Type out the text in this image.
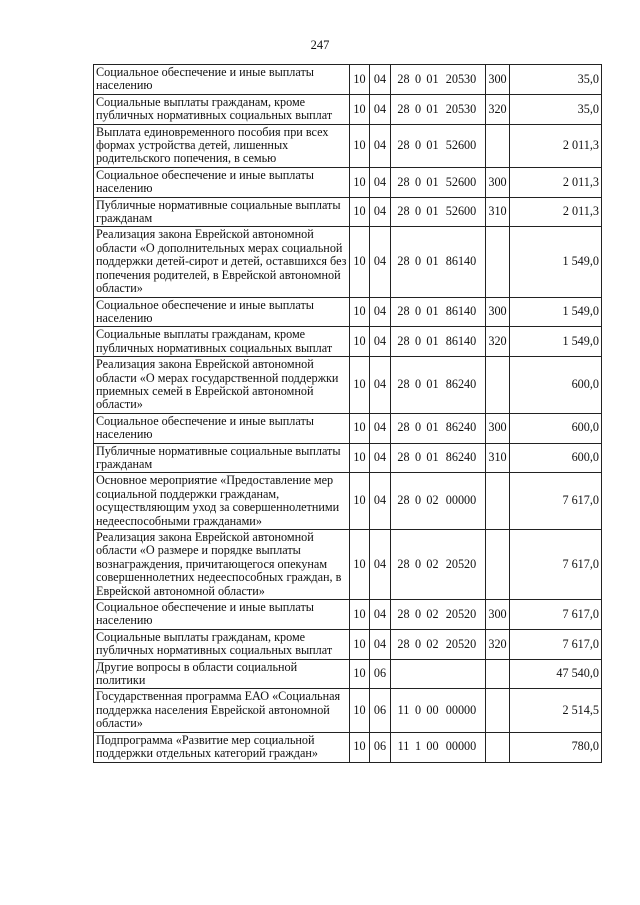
247
Социальное обеспечение и иные выплаты населению	10	04	28 0 01 20530	300	35,0
Социальные выплаты гражданам, кроме публичных нормативных социальных выплат	10	04	28 0 01 20530	320	35,0
Выплата единовременного пособия при всех формах устройства детей, лишенных родительского попечения, в семью	10	04	28 0 01 52600		2 011,3
Социальное обеспечение и иные выплаты населению	10	04	28 0 01 52600	300	2 011,3
Публичные нормативные социальные выплаты гражданам	10	04	28 0 01 52600	310	2 011,3
Реализация закона Еврейской автономной области «О дополнительных мерах социальной поддержки детей-сирот и детей, оставшихся без попечения родителей, в Еврейской автономной области»	10	04	28 0 01 86140		1 549,0
Социальное обеспечение и иные выплаты населению	10	04	28 0 01 86140	300	1 549,0
Социальные выплаты гражданам, кроме публичных нормативных социальных выплат	10	04	28 0 01 86140	320	1 549,0
Реализация закона Еврейской автономной области «О мерах государственной поддержки приемных семей в Еврейской автономной области»	10	04	28 0 01 86240		600,0
Социальное обеспечение и иные выплаты населению	10	04	28 0 01 86240	300	600,0
Публичные нормативные социальные выплаты гражданам	10	04	28 0 01 86240	310	600,0
Основное мероприятие «Предоставление мер социальной поддержки гражданам, осуществляющим уход за совершеннолетними недееспособными гражданами»	10	04	28 0 02 00000		7 617,0
Реализация закона Еврейской автономной области «О размере и порядке выплаты вознаграждения, причитающегося опекунам совершеннолетних недееспособных граждан, в Еврейской автономной области»	10	04	28 0 02 20520		7 617,0
Социальное обеспечение и иные выплаты населению	10	04	28 0 02 20520	300	7 617,0
Социальные выплаты гражданам, кроме публичных нормативных социальных выплат	10	04	28 0 02 20520	320	7 617,0
Другие вопросы в области социальной политики	10	06			47 540,0
Государственная программа ЕАО «Социальная поддержка населения Еврейской автономной области»	10	06	11 0 00 00000		2 514,5
Подпрограмма «Развитие мер социальной поддержки отдельных категорий граждан»	10	06	11 1 00 00000		780,0
